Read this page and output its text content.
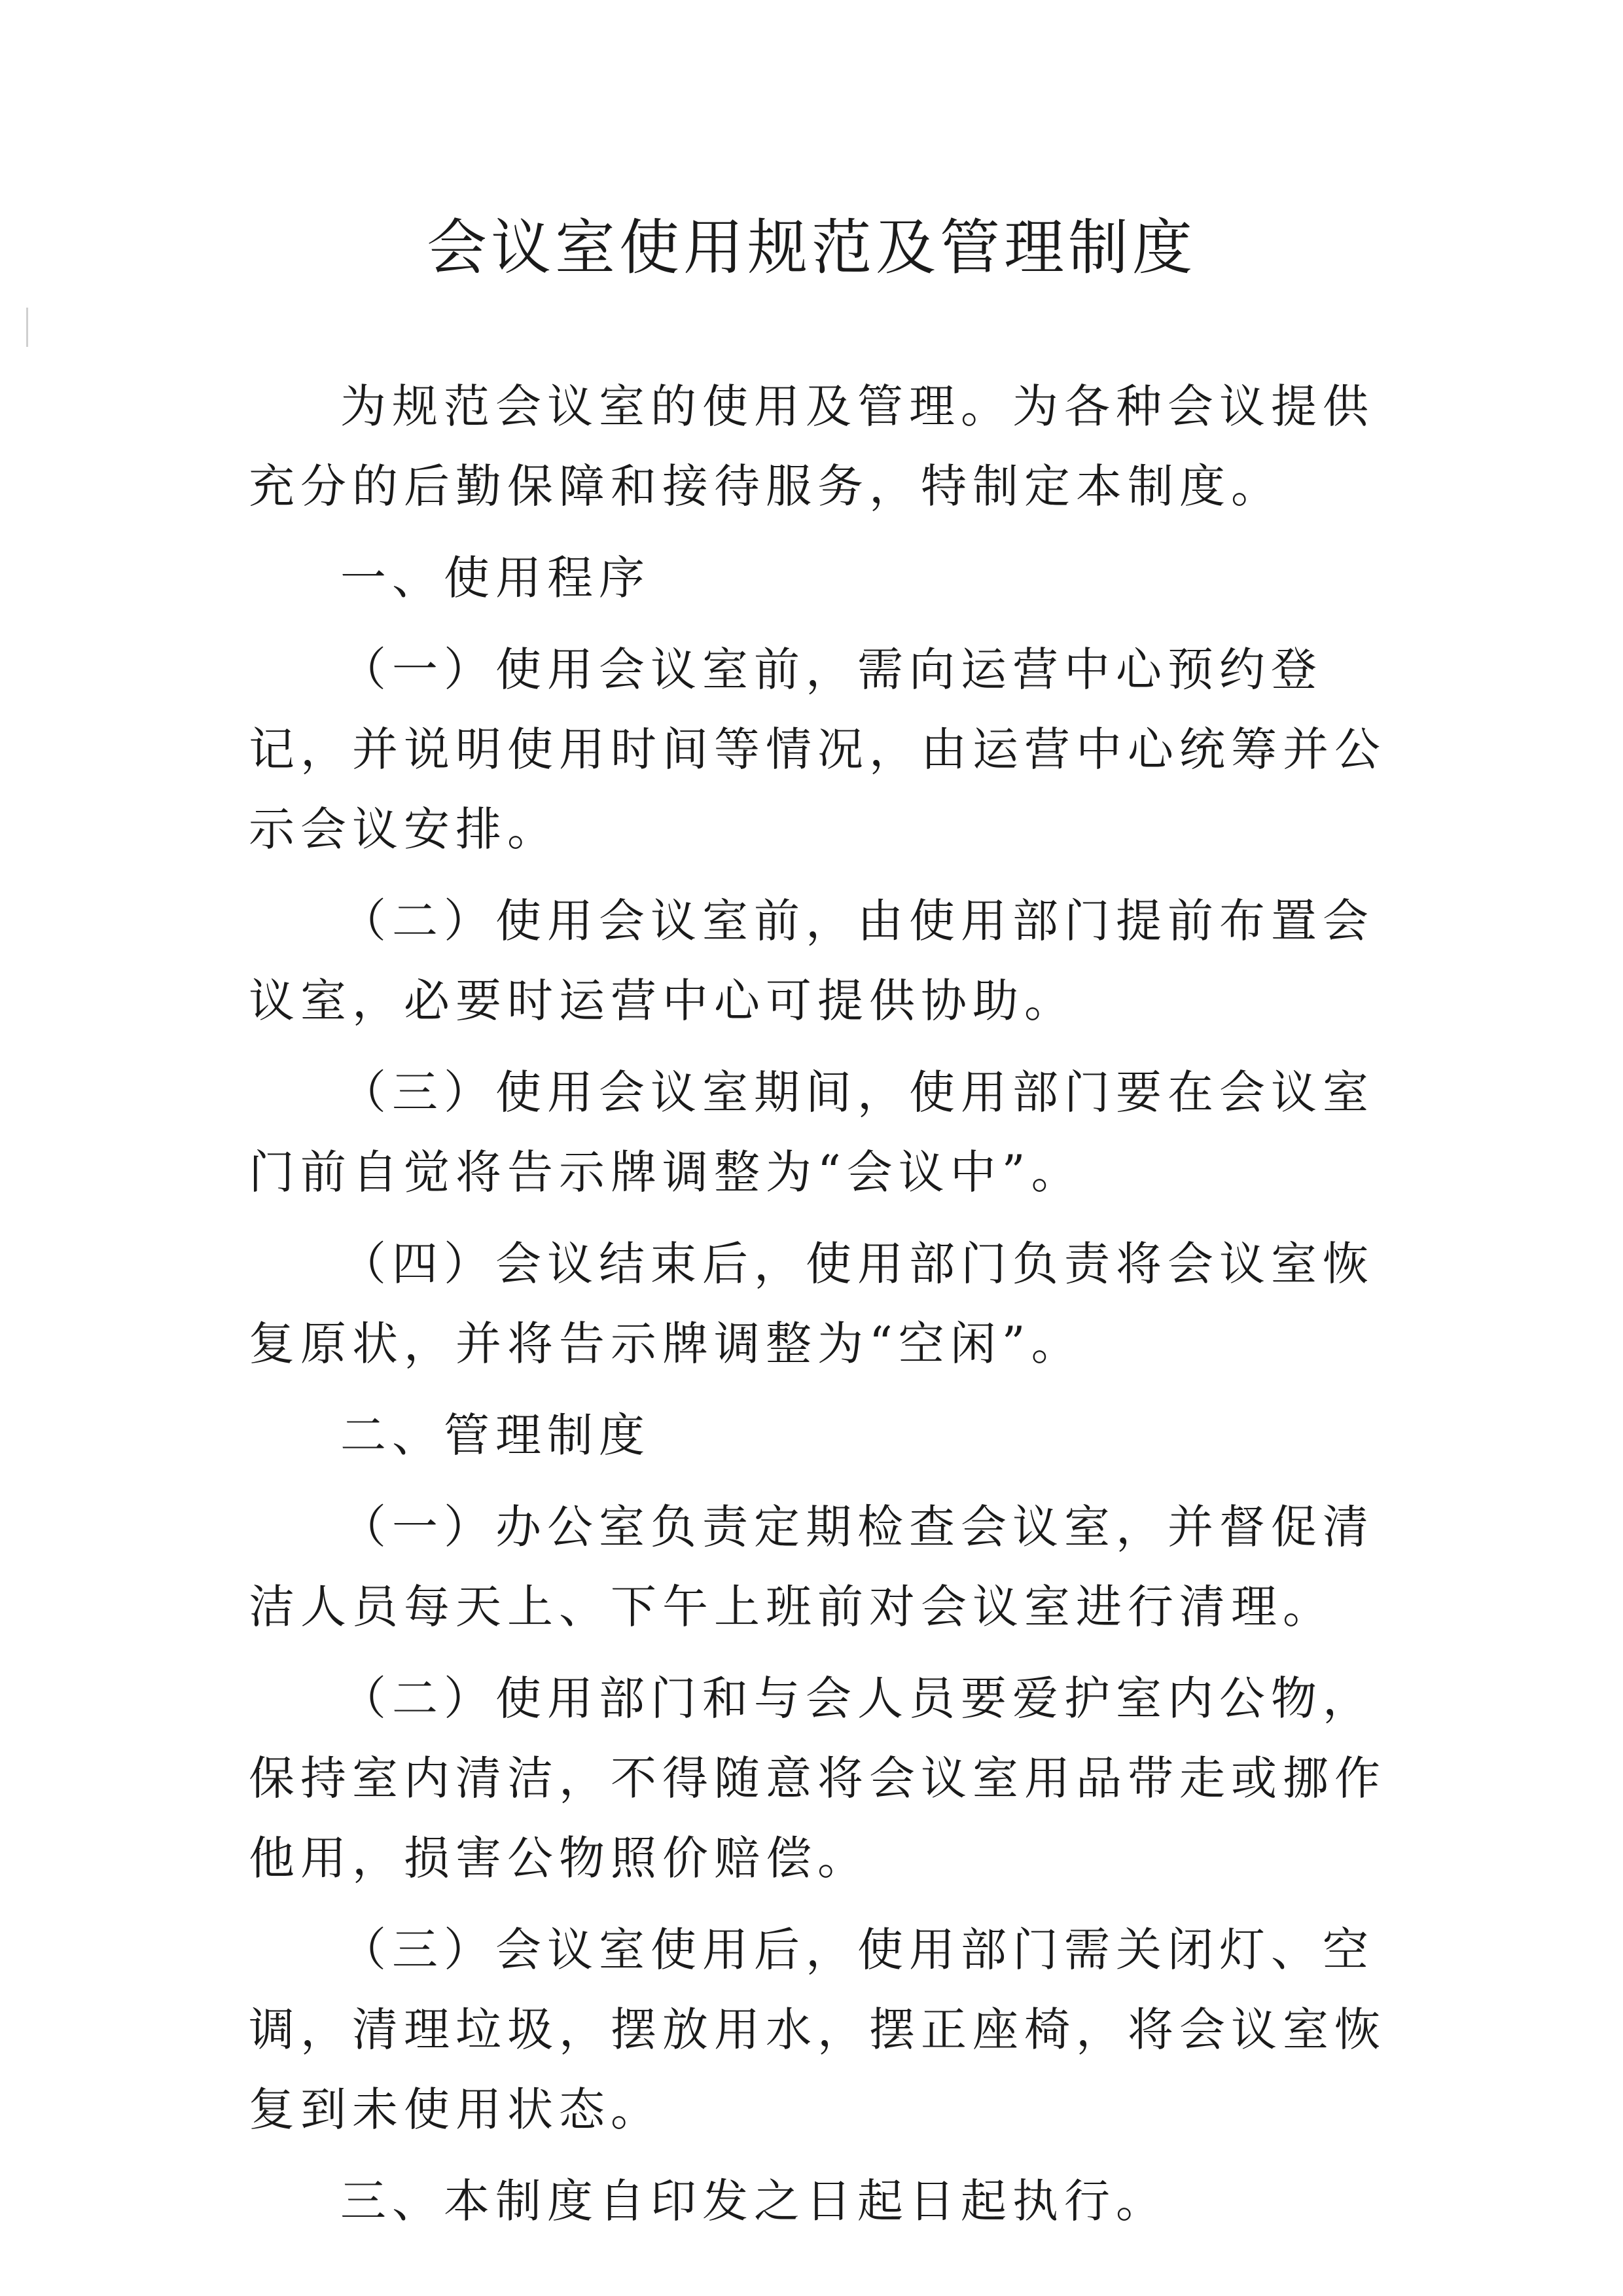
会议室使用规范及管理制度

为规范会议室的使用及管理。为各种会议提供充分的后勤保障和接待服务，特制定本制度。

一、使用程序

（一）使用会议室前，需向运营中心预约登记，并说明使用时间等情况，由运营中心统筹并公示会议安排。

（二）使用会议室前，由使用部门提前布置会议室，必要时运营中心可提供协助。

（三）使用会议室期间，使用部门要在会议室门前自觉将告示牌调整为“会议中”。

（四）会议结束后，使用部门负责将会议室恢复原状，并将告示牌调整为“空闲”。

二、管理制度

（一）办公室负责定期检查会议室，并督促清洁人员每天上、下午上班前对会议室进行清理。

（二）使用部门和与会人员要爱护室内公物，保持室内清洁，不得随意将会议室用品带走或挪作他用，损害公物照价赔偿。

（三）会议室使用后，使用部门需关闭灯、空调，清理垃圾，摆放用水，摆正座椅，将会议室恢复到未使用状态。

三、本制度自印发之日起日起执行。
